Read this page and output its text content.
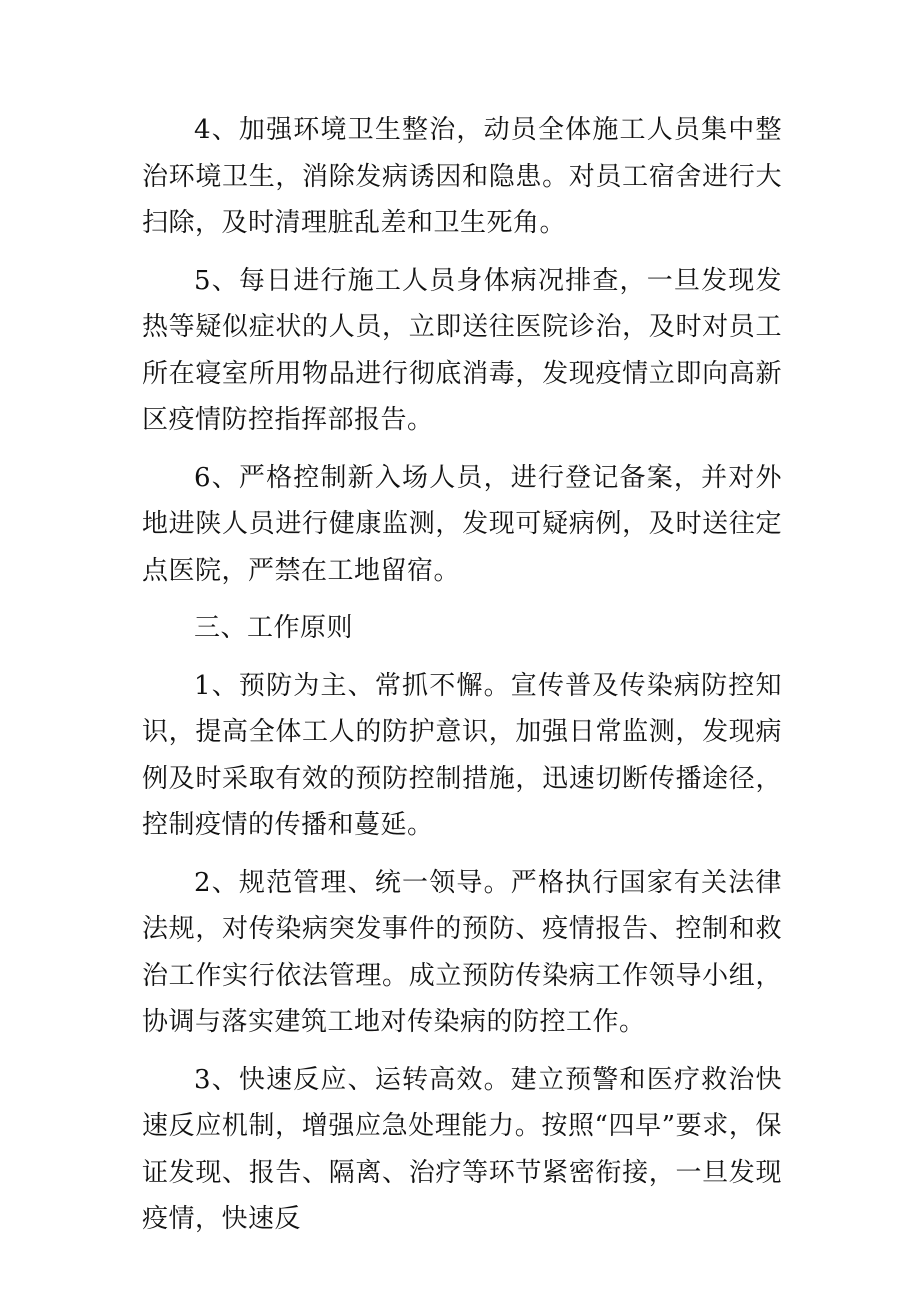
4、加强环境卫生整治，动员全体施工人员集中整治环境卫生，消除发病诱因和隐患。对员工宿舍进行大扫除，及时清理脏乱差和卫生死角。

5、每日进行施工人员身体病况排查，一旦发现发热等疑似症状的人员，立即送往医院诊治，及时对员工所在寝室所用物品进行彻底消毒，发现疫情立即向高新区疫情防控指挥部报告。

6、严格控制新入场人员，进行登记备案，并对外地进陕人员进行健康监测，发现可疑病例，及时送往定点医院，严禁在工地留宿。

三、工作原则

1、预防为主、常抓不懈。宣传普及传染病防控知识，提高全体工人的防护意识，加强日常监测，发现病例及时采取有效的预防控制措施，迅速切断传播途径，控制疫情的传播和蔓延。

2、规范管理、统一领导。严格执行国家有关法律法规，对传染病突发事件的预防、疫情报告、控制和救治工作实行依法管理。成立预防传染病工作领导小组，协调与落实建筑工地对传染病的防控工作。

3、快速反应、运转高效。建立预警和医疗救治快速反应机制，增强应急处理能力。按照“四早”要求，保证发现、报告、隔离、治疗等环节紧密衔接，一旦发现疫情，快速反
